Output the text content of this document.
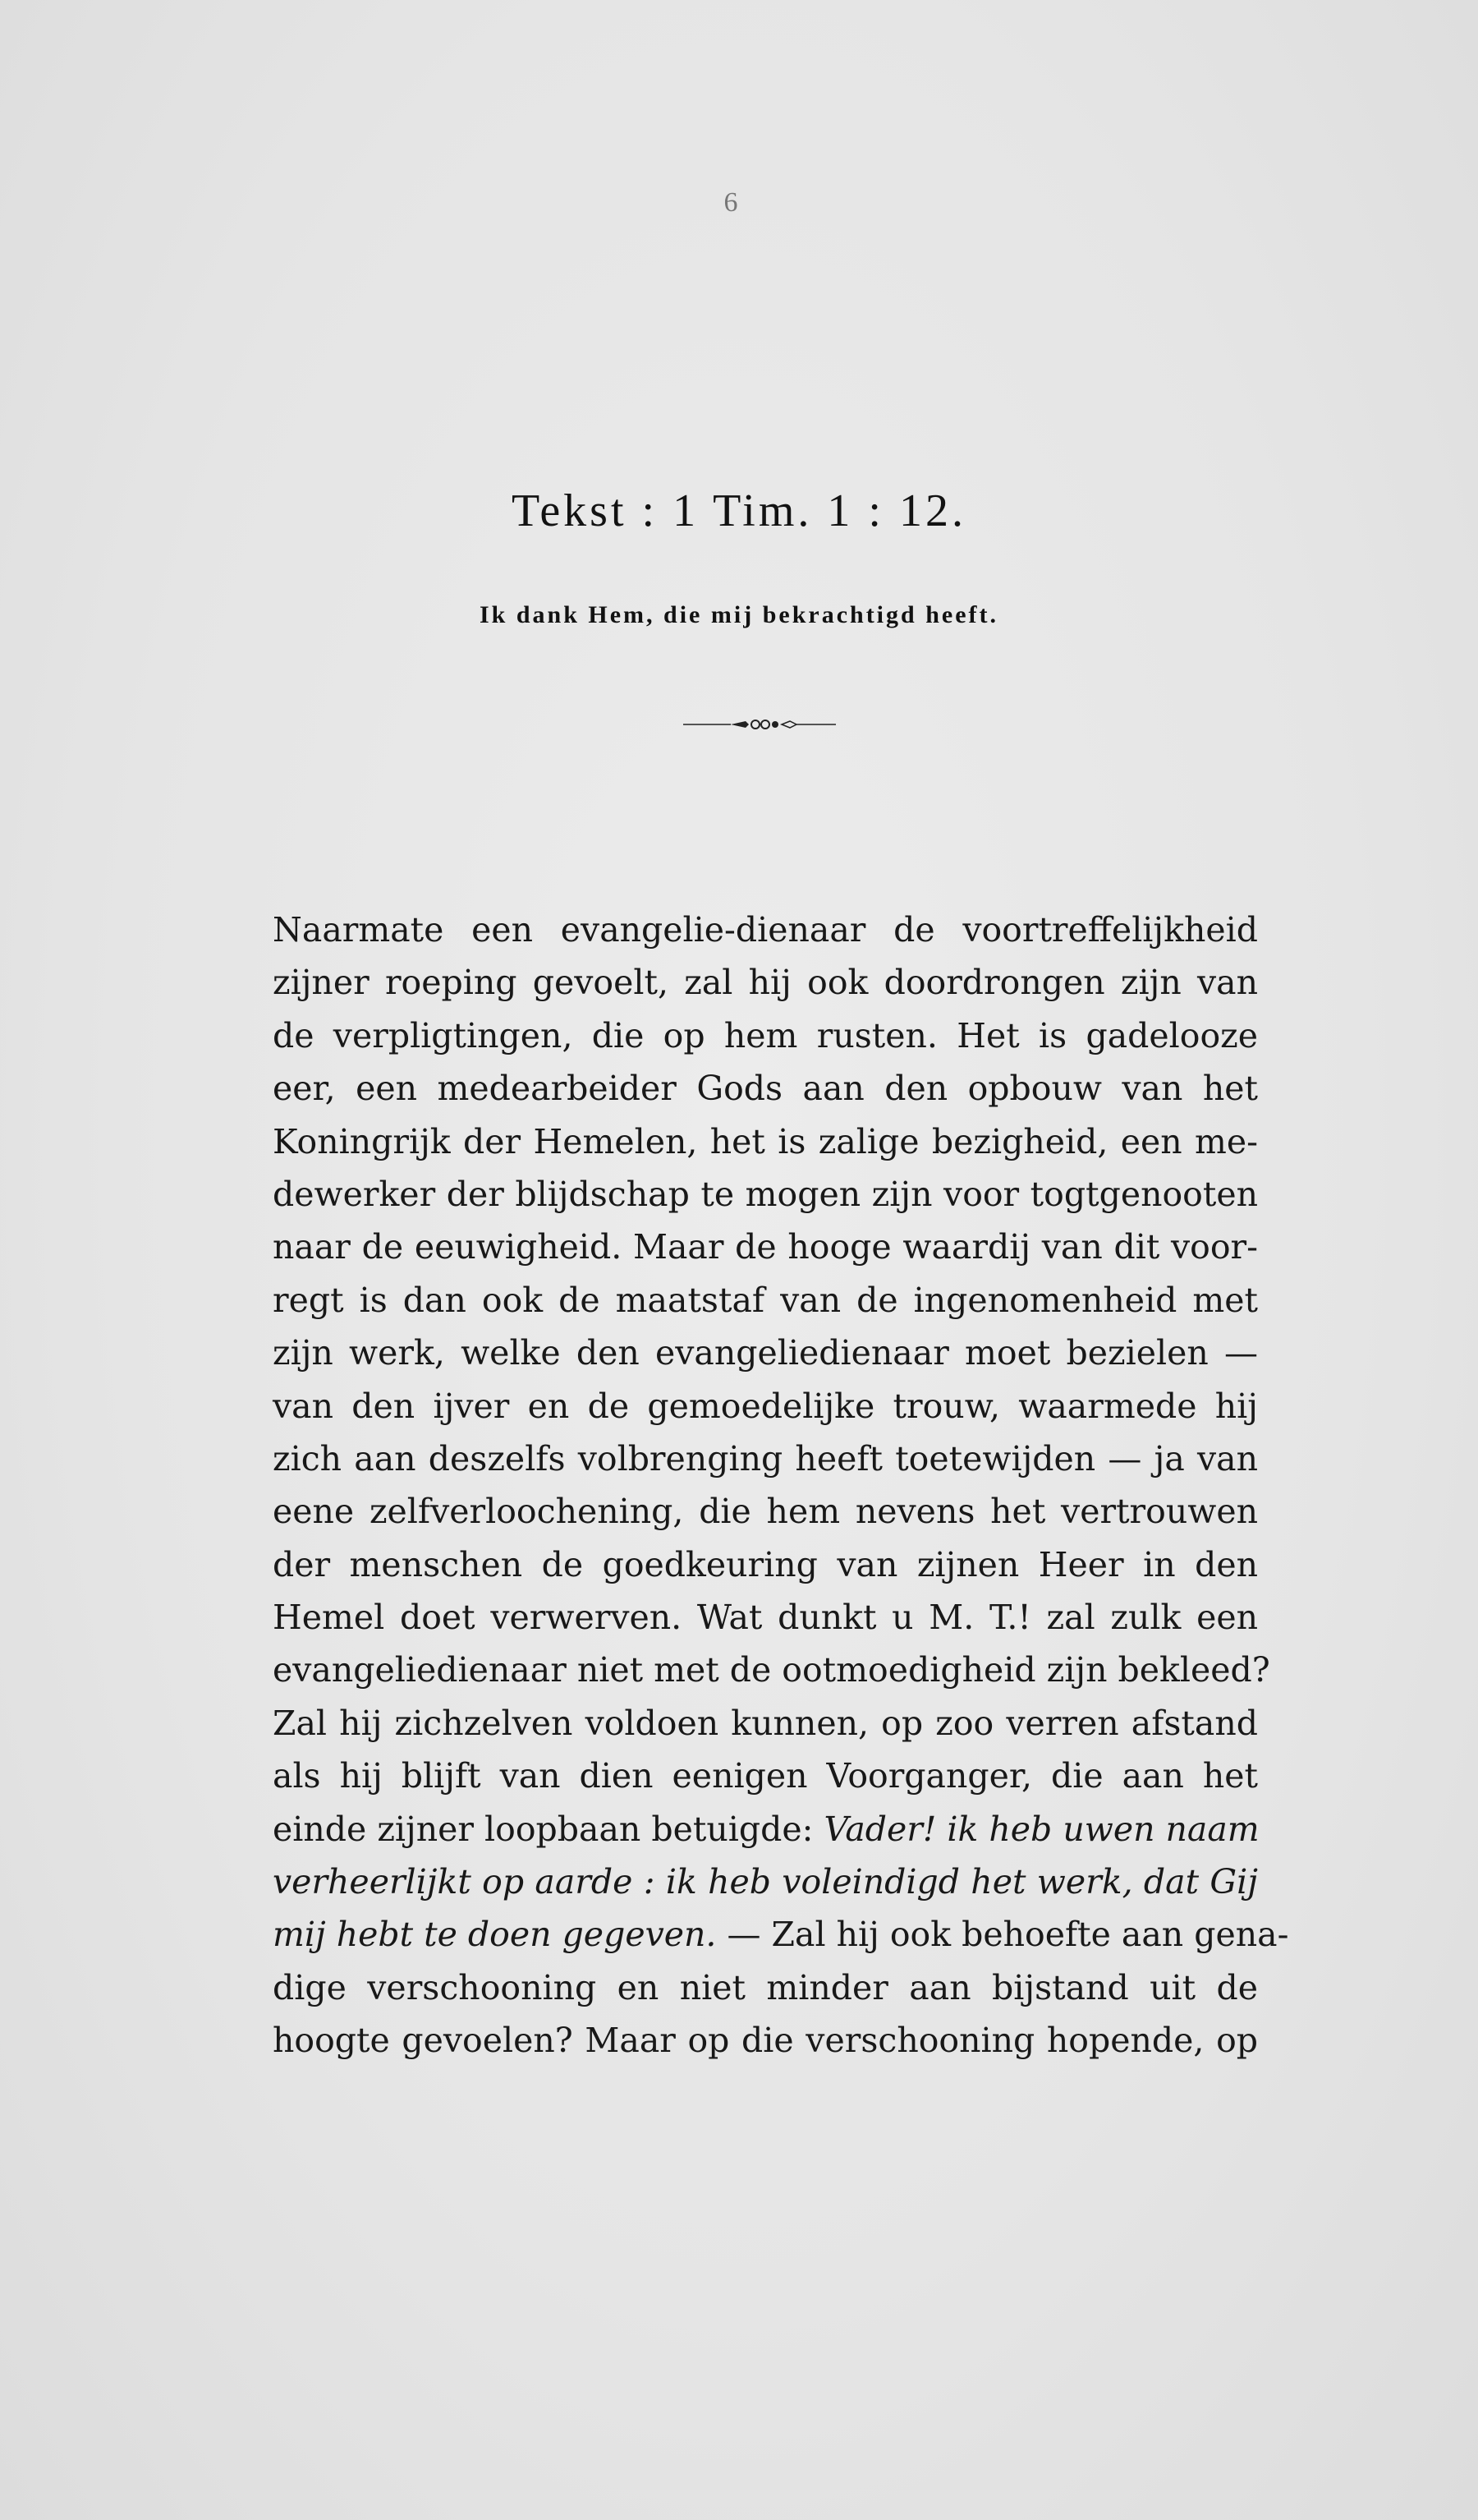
6
Tekst : 1 Tim. 1 : 12.
Ik dank Hem, die mij bekrachtigd heeft.
Naarmate een evangelie-dienaar de voortreffelijkheid
zijner roeping gevoelt, zal hij ook doordrongen zijn van
de verpligtingen, die op hem rusten. Het is gadelooze
eer, een medearbeider Gods aan den opbouw van het
Koningrijk der Hemelen, het is zalige bezigheid, een me-
dewerker der blijdschap te mogen zijn voor togtgenooten
naar de eeuwigheid. Maar de hooge waardij van dit voor-
regt is dan ook de maatstaf van de ingenomenheid met
zijn werk, welke den evangeliedienaar moet bezielen —
van den ijver en de gemoedelijke trouw, waarmede hij
zich aan deszelfs volbrenging heeft toetewijden — ja van
eene zelfverloochening, die hem nevens het vertrouwen
der menschen de goedkeuring van zijnen Heer in den
Hemel doet verwerven. Wat dunkt u M. T.! zal zulk een
evangeliedienaar niet met de ootmoedigheid zijn bekleed?
Zal hij zichzelven voldoen kunnen, op zoo verren afstand
als hij blijft van dien eenigen Voorganger, die aan het
einde zijner loopbaan betuigde: Vader! ik heb uwen naam
verheerlijkt op aarde : ik heb voleindigd het werk, dat Gij
mij hebt te doen gegeven. — Zal hij ook behoefte aan gena-
dige verschooning en niet minder aan bijstand uit de
hoogte gevoelen? Maar op die verschooning hopende, op
